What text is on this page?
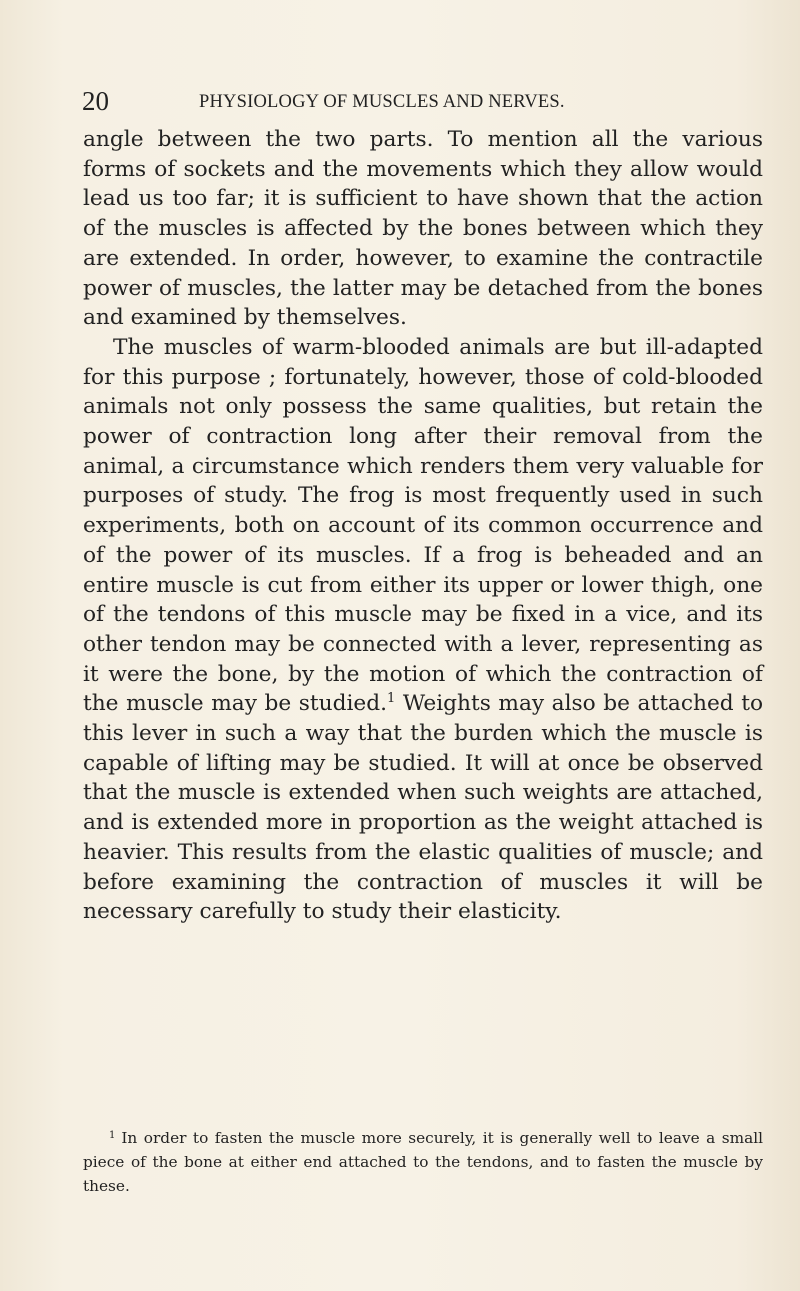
20	PHYSIOLOGY OF MUSCLES AND NERVES.

angle between the two parts. To mention all the various forms of sockets and the movements which they allow would lead us too far; it is sufficient to have shown that the action of the muscles is affected by the bones between which they are extended. In order, however, to examine the contractile power of muscles, the latter may be detached from the bones and examined by themselves.

The muscles of warm-blooded animals are but ill-adapted for this purpose ; fortunately, however, those of cold-blooded animals not only possess the same qualities, but retain the power of contraction long after their removal from the animal, a circumstance which renders them very valuable for purposes of study. The frog is most frequently used in such experiments, both on account of its common occurrence and of the power of its muscles. If a frog is beheaded and an entire muscle is cut from either its upper or lower thigh, one of the tendons of this muscle may be fixed in a vice, and its other tendon may be connected with a lever, representing as it were the bone, by the motion of which the contraction of the muscle may be studied.$^1$ Weights may also be attached to this lever in such a way that the burden which the muscle is capable of lifting may be studied. It will at once be observed that the muscle is extended when such weights are attached, and is extended more in proportion as the weight attached is heavier. This results from the elastic qualities of muscle; and before examining the contraction of muscles it will be necessary carefully to study their elasticity.

$^1$ In order to fasten the muscle more securely, it is generally well to leave a small piece of the bone at either end attached to the tendons, and to fasten the muscle by these.
